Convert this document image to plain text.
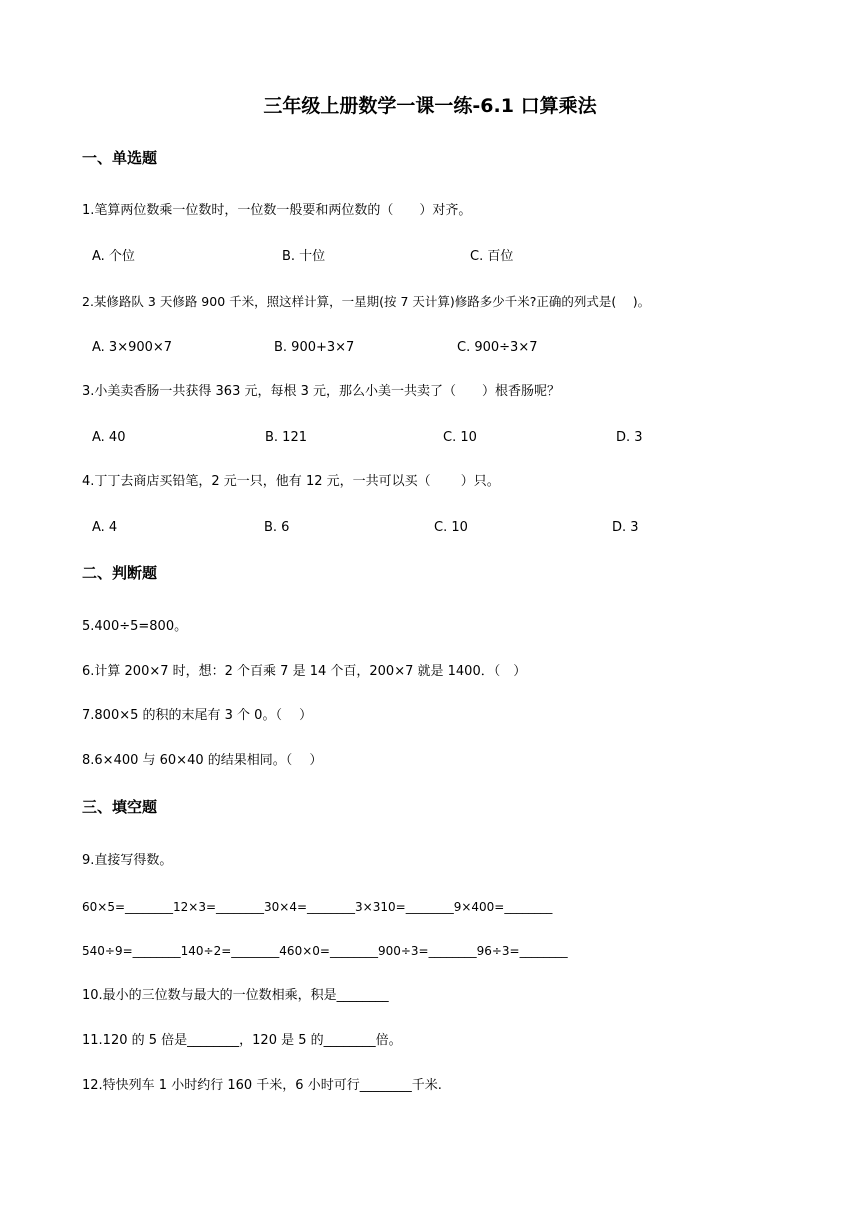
三年级上册数学一课一练-6.1 口算乘法
一、单选题
1.笔算两位数乘一位数时，一位数一般要和两位数的（　　）对齐。
A. 个位	B. 十位	C. 百位
2.某修路队 3 天修路 900 千米，照这样计算，一星期(按 7 天计算)修路多少千米?正确的列式是(　 )。
A. 3×900×7	B. 900+3×7	C. 900÷3×7
3.小美卖香肠一共获得 363 元，每根 3 元，那么小美一共卖了（　　）根香肠呢？
A. 40	B. 121	C. 10	D. 3
4.丁丁去商店买铅笔，2 元一只，他有 12 元，一共可以买（　　 ）只。
A. 4	B. 6	C. 10	D. 3
二、判断题
5.400÷5=800。
6.计算 200×7 时，想：2 个百乘 7 是 14 个百，200×7 就是 1400．（　）
7.800×5 的积的末尾有 3 个 0。（　 ）
8.6×400 与 60×40 的结果相同。（　 ）
三、填空题
9.直接写得数。
60×5=________12×3=________30×4=________3×310=________9×400=________
540÷9=________140÷2=________460×0=________900÷3=________96÷3=________
10.最小的三位数与最大的一位数相乘，积是________
11.120 的 5 倍是________，120 是 5 的________倍。
12.特快列车 1 小时约行 160 千米，6 小时可行________千米.
